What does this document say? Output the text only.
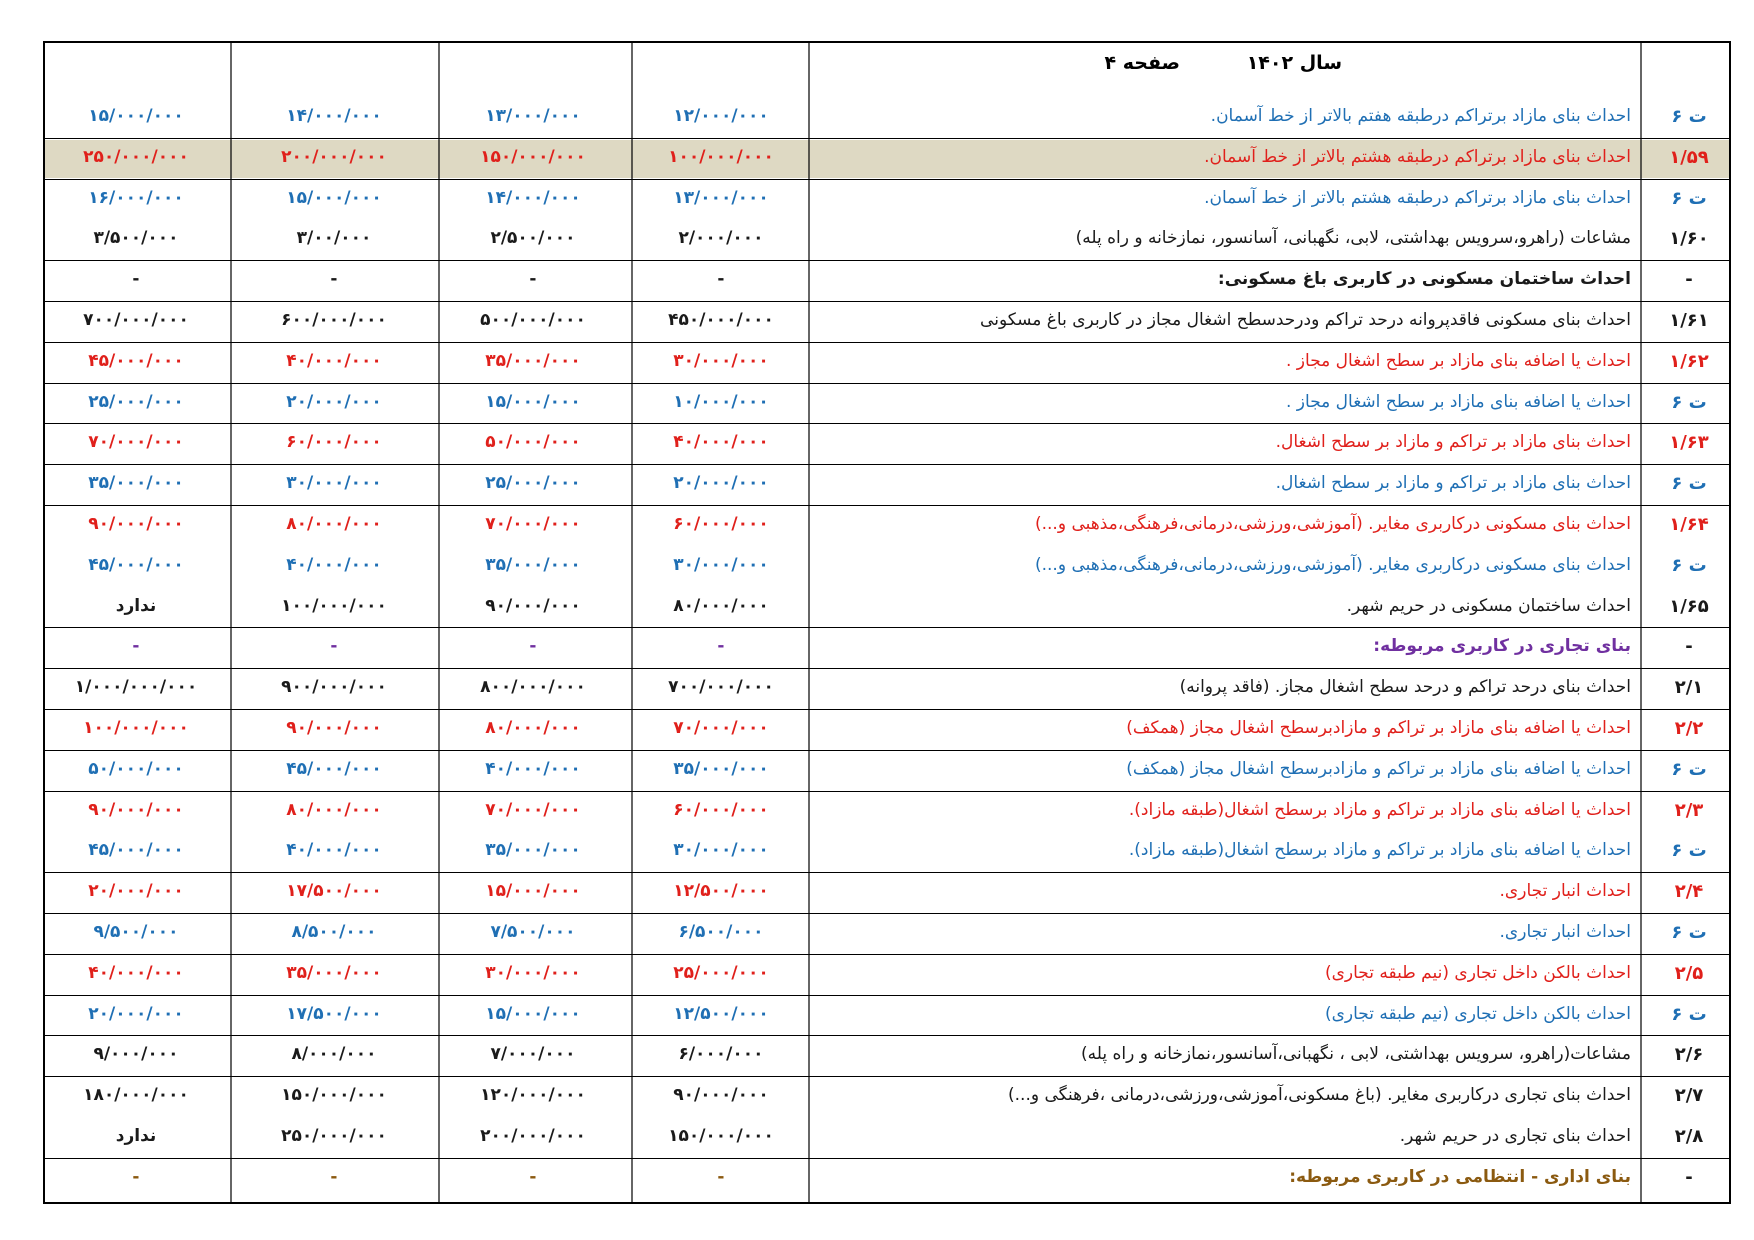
سال ۱۴۰۲
صفحه ۴
ت ۶
احداث بنای مازاد برتراکم درطبقه هفتم بالاتر از خط آسمان.
۱۲/۰۰۰/۰۰۰
۱۳/۰۰۰/۰۰۰
۱۴/۰۰۰/۰۰۰
۱۵/۰۰۰/۰۰۰
۱/۵۹
احداث بنای مازاد برتراکم درطبقه هشتم بالاتر از خط آسمان.
۱۰۰/۰۰۰/۰۰۰
۱۵۰/۰۰۰/۰۰۰
۲۰۰/۰۰۰/۰۰۰
۲۵۰/۰۰۰/۰۰۰
ت ۶
احداث بنای مازاد برتراکم درطبقه هشتم بالاتر از خط آسمان.
۱۳/۰۰۰/۰۰۰
۱۴/۰۰۰/۰۰۰
۱۵/۰۰۰/۰۰۰
۱۶/۰۰۰/۰۰۰
۱/۶۰
مشاعات (راهرو،سرویس بهداشتی، لابی، نگهبانی، آسانسور، نمازخانه و راه پله)
۲/۰۰۰/۰۰۰
۲/۵۰۰/۰۰۰
۳/۰۰/۰۰۰
۳/۵۰۰/۰۰۰
-
احداث ساختمان مسکونی در کاربری باغ مسکونی:
-
-
-
-
۱/۶۱
احداث بنای مسکونی فاقدپروانه درحد تراکم ودرحدسطح اشغال مجاز در کاربری باغ مسکونی
۴۵۰/۰۰۰/۰۰۰
۵۰۰/۰۰۰/۰۰۰
۶۰۰/۰۰۰/۰۰۰
۷۰۰/۰۰۰/۰۰۰
۱/۶۲
احداث یا اضافه بنای مازاد بر سطح اشغال مجاز .
۳۰/۰۰۰/۰۰۰
۳۵/۰۰۰/۰۰۰
۴۰/۰۰۰/۰۰۰
۴۵/۰۰۰/۰۰۰
ت ۶
احداث یا اضافه بنای مازاد بر سطح اشغال مجاز .
۱۰/۰۰۰/۰۰۰
۱۵/۰۰۰/۰۰۰
۲۰/۰۰۰/۰۰۰
۲۵/۰۰۰/۰۰۰
۱/۶۳
احداث بنای مازاد بر تراکم و مازاد بر سطح اشغال.
۴۰/۰۰۰/۰۰۰
۵۰/۰۰۰/۰۰۰
۶۰/۰۰۰/۰۰۰
۷۰/۰۰۰/۰۰۰
ت ۶
احداث بنای مازاد بر تراکم و مازاد بر سطح اشغال.
۲۰/۰۰۰/۰۰۰
۲۵/۰۰۰/۰۰۰
۳۰/۰۰۰/۰۰۰
۳۵/۰۰۰/۰۰۰
۱/۶۴
احداث بنای مسکونی درکاربری مغایر. (آموزشی،ورزشی،درمانی،فرهنگی،مذهبی و...)
۶۰/۰۰۰/۰۰۰
۷۰/۰۰۰/۰۰۰
۸۰/۰۰۰/۰۰۰
۹۰/۰۰۰/۰۰۰
ت ۶
احداث بنای مسکونی درکاربری مغایر. (آموزشی،ورزشی،درمانی،فرهنگی،مذهبی و...)
۳۰/۰۰۰/۰۰۰
۳۵/۰۰۰/۰۰۰
۴۰/۰۰۰/۰۰۰
۴۵/۰۰۰/۰۰۰
۱/۶۵
احداث ساختمان مسکونی در حریم شهر.
۸۰/۰۰۰/۰۰۰
۹۰/۰۰۰/۰۰۰
۱۰۰/۰۰۰/۰۰۰
ندارد
-
بنای تجاری در کاربری مربوطه:
-
-
-
-
۲/۱
احداث بنای درحد تراکم و درحد سطح اشغال مجاز. (فاقد پروانه)
۷۰۰/۰۰۰/۰۰۰
۸۰۰/۰۰۰/۰۰۰
۹۰۰/۰۰۰/۰۰۰
۱/۰۰۰/۰۰۰/۰۰۰
۲/۲
احداث یا اضافه بنای مازاد بر تراکم و مازادبرسطح اشغال مجاز (همکف)
۷۰/۰۰۰/۰۰۰
۸۰/۰۰۰/۰۰۰
۹۰/۰۰۰/۰۰۰
۱۰۰/۰۰۰/۰۰۰
ت ۶
احداث یا اضافه بنای مازاد بر تراکم و مازادبرسطح اشغال مجاز (همکف)
۳۵/۰۰۰/۰۰۰
۴۰/۰۰۰/۰۰۰
۴۵/۰۰۰/۰۰۰
۵۰/۰۰۰/۰۰۰
۲/۳
احداث یا اضافه بنای مازاد بر تراکم و مازاد برسطح اشغال(طبقه مازاد).
۶۰/۰۰۰/۰۰۰
۷۰/۰۰۰/۰۰۰
۸۰/۰۰۰/۰۰۰
۹۰/۰۰۰/۰۰۰
ت ۶
احداث یا اضافه بنای مازاد بر تراکم و مازاد برسطح اشغال(طبقه مازاد).
۳۰/۰۰۰/۰۰۰
۳۵/۰۰۰/۰۰۰
۴۰/۰۰۰/۰۰۰
۴۵/۰۰۰/۰۰۰
۲/۴
احداث انبار تجاری.
۱۲/۵۰۰/۰۰۰
۱۵/۰۰۰/۰۰۰
۱۷/۵۰۰/۰۰۰
۲۰/۰۰۰/۰۰۰
ت ۶
احداث انبار تجاری.
۶/۵۰۰/۰۰۰
۷/۵۰۰/۰۰۰
۸/۵۰۰/۰۰۰
۹/۵۰۰/۰۰۰
۲/۵
احداث بالکن داخل تجاری (نیم طبقه تجاری)
۲۵/۰۰۰/۰۰۰
۳۰/۰۰۰/۰۰۰
۳۵/۰۰۰/۰۰۰
۴۰/۰۰۰/۰۰۰
ت ۶
احداث بالکن داخل تجاری (نیم طبقه تجاری)
۱۲/۵۰۰/۰۰۰
۱۵/۰۰۰/۰۰۰
۱۷/۵۰۰/۰۰۰
۲۰/۰۰۰/۰۰۰
۲/۶
مشاعات(راهرو، سرویس بهداشتی، لابی ، نگهبانی،آسانسور،نمازخانه و راه پله)
۶/۰۰۰/۰۰۰
۷/۰۰۰/۰۰۰
۸/۰۰۰/۰۰۰
۹/۰۰۰/۰۰۰
۲/۷
احداث بنای تجاری درکاربری مغایر. (باغ مسکونی،آموزشی،ورزشی،درمانی ،فرهنگی و...)
۹۰/۰۰۰/۰۰۰
۱۲۰/۰۰۰/۰۰۰
۱۵۰/۰۰۰/۰۰۰
۱۸۰/۰۰۰/۰۰۰
۲/۸
احداث بنای تجاری در حریم شهر.
۱۵۰/۰۰۰/۰۰۰
۲۰۰/۰۰۰/۰۰۰
۲۵۰/۰۰۰/۰۰۰
ندارد
-
بنای اداری - انتظامی در کاربری مربوطه:
-
-
-
-
